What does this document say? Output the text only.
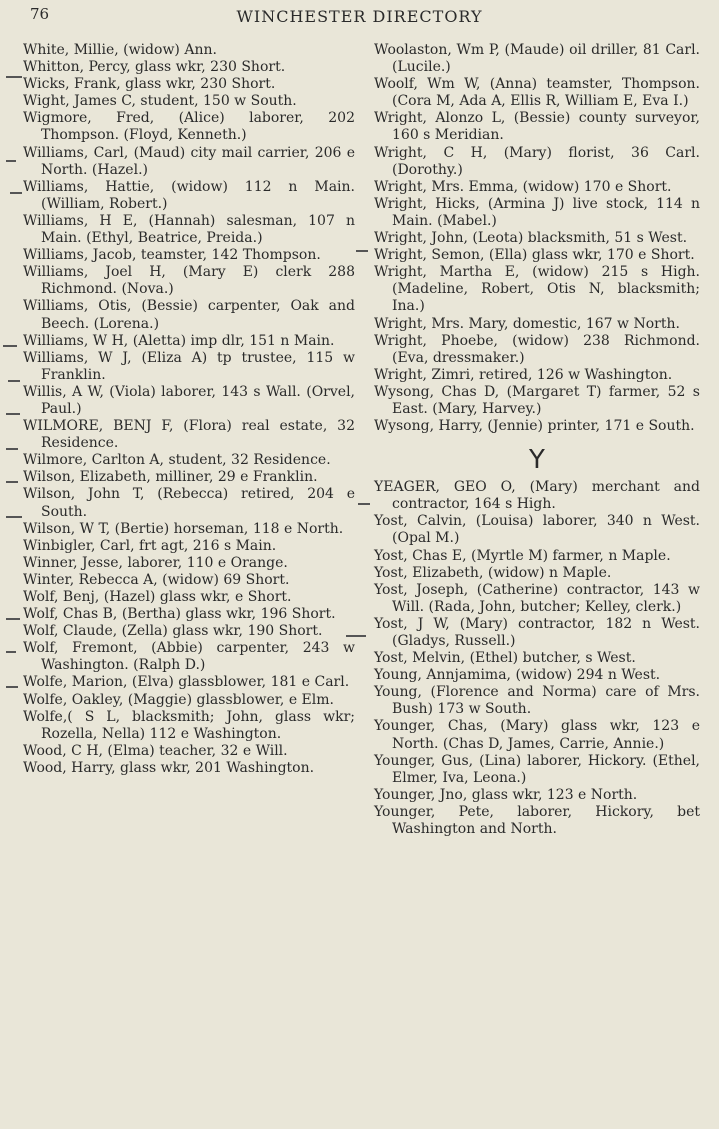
76	WINCHESTER DIRECTORY
White, Millie, (widow) Ann.
Whitton, Percy, glass wkr, 230 Short.
Wicks, Frank, glass wkr, 230 Short.
Wight, James C, student, 150 w South.
Wigmore, Fred, (Alice) laborer, 202 Thompson. (Floyd, Kenneth.)
Williams, Carl, (Maud) city mail carrier, 206 e North. (Hazel.)
Williams, Hattie, (widow) 112 n Main. (William, Robert.)
Williams, H E, (Hannah) salesman, 107 n Main. (Ethyl, Beatrice, Preida.)
Williams, Jacob, teamster, 142 Thompson.
Williams, Joel H, (Mary E) clerk 288 Richmond. (Nova.)
Williams, Otis, (Bessie) carpenter, Oak and Beech. (Lorena.)
Williams, W H, (Aletta) imp dlr, 151 n Main.
Williams, W J, (Eliza A) tp trustee, 115 w Franklin.
Willis, A W, (Viola) laborer, 143 s Wall. (Orvel, Paul.)
WILMORE, BENJ F, (Flora) real estate, 32 Residence.
Wilmore, Carlton A, student, 32 Residence.
Wilson, Elizabeth, milliner, 29 e Franklin.
Wilson, John T, (Rebecca) retired, 204 e South.
Wilson, W T, (Bertie) horseman, 118 e North.
Winbigler, Carl, frt agt, 216 s Main.
Winner, Jesse, laborer, 110 e Orange.
Winter, Rebecca A, (widow) 69 Short.
Wolf, Benj, (Hazel) glass wkr, e Short.
Wolf, Chas B, (Bertha) glass wkr, 196 Short.
Wolf, Claude, (Zella) glass wkr, 190 Short.
Wolf, Fremont, (Abbie) carpenter, 243 w Washington. (Ralph D.)
Wolfe, Marion, (Elva) glassblower, 181 e Carl.
Wolfe, Oakley, (Maggie) glassblower, e Elm.
Wolfe,( S L, blacksmith; John, glass wkr; Rozella, Nella) 112 e Washington.
Wood, C H, (Elma) teacher, 32 e Will.
Wood, Harry, glass wkr, 201 Washington.
Woolaston, Wm P, (Maude) oil driller, 81 Carl. (Lucile.)
Woolf, Wm W, (Anna) teamster, Thompson. (Cora M, Ada A, Ellis R, William E, Eva I.)
Wright, Alonzo L, (Bessie) county surveyor, 160 s Meridian.
Wright, C H, (Mary) florist, 36 Carl. (Dorothy.)
Wright, Mrs. Emma, (widow) 170 e Short.
Wright, Hicks, (Armina J) live stock, 114 n Main. (Mabel.)
Wright, John, (Leota) blacksmith, 51 s West.
Wright, Semon, (Ella) glass wkr, 170 e Short.
Wright, Martha E, (widow) 215 s High. (Madeline, Robert, Otis N, blacksmith; Ina.)
Wright, Mrs. Mary, domestic, 167 w North.
Wright, Phoebe, (widow) 238 Richmond. (Eva, dressmaker.)
Wright, Zimri, retired, 126 w Washington.
Wysong, Chas D, (Margaret T) farmer, 52 s East. (Mary, Harvey.)
Wysong, Harry, (Jennie) printer, 171 e South.
Y
YEAGER, GEO O, (Mary) merchant and contractor, 164 s High.
Yost, Calvin, (Louisa) laborer, 340 n West. (Opal M.)
Yost, Chas E, (Myrtle M) farmer, n Maple.
Yost, Elizabeth, (widow) n Maple.
Yost, Joseph, (Catherine) contractor, 143 w Will. (Rada, John, butcher; Kelley, clerk.)
Yost, J W, (Mary) contractor, 182 n West. (Gladys, Russell.)
Yost, Melvin, (Ethel) butcher, s West.
Young, Annjamima, (widow) 294 n West.
Young, (Florence and Norma) care of Mrs. Bush) 173 w South.
Younger, Chas, (Mary) glass wkr, 123 e North. (Chas D, James, Carrie, Annie.)
Younger, Gus, (Lina) laborer, Hickory. (Ethel, Elmer, Iva, Leona.)
Younger, Jno, glass wkr, 123 e North.
Younger, Pete, laborer, Hickory, bet Washington and North.
